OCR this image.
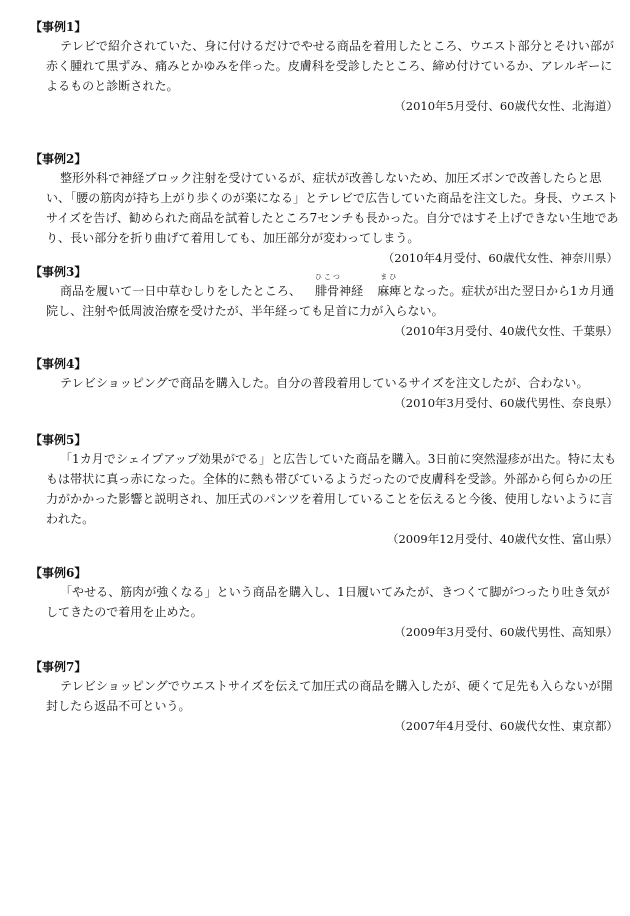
【事例1】

テレビで紹介されていた、身に付けるだけでやせる商品を着用したところ、ウエスト部分とそけい部が赤く腫れて黒ずみ、痛みとかゆみを伴った。皮膚科を受診したところ、締め付けているか、アレルギーによるものと診断された。

（2010年5月受付、60歳代女性、北海道）

【事例2】

整形外科で神経ブロック注射を受けているが、症状が改善しないため、加圧ズボンで改善したらと思い、「腰の筋肉が持ち上がり歩くのが楽になる」とテレビで広告していた商品を注文した。身長、ウエストサイズを告げ、勧められた商品を試着したところ7センチも長かった。自分ではすそ上げできない生地であり、長い部分を折り曲げて着用しても、加圧部分が変わってしまう。

（2010年4月受付、60歳代女性、神奈川県）

【事例3】

商品を履いて一日中草むしりをしたところ、
ひこつ
腓骨神経
まひ
麻痺となった。症状が出た翌日から1カ月通院し、注射や低周波治療を受けたが、半年経っても足首に力が入らない。

（2010年3月受付、40歳代女性、千葉県）

【事例4】

テレビショッピングで商品を購入した。自分の普段着用しているサイズを注文したが、合わない。

（2010年3月受付、60歳代男性、奈良県）

【事例5】

「1カ月でシェイプアップ効果がでる」と広告していた商品を購入。3日前に突然湿疹が出た。特に太ももは帯状に真っ赤になった。全体的に熱も帯びているようだったので皮膚科を受診。外部から何らかの圧力がかかった影響と説明され、加圧式のパンツを着用していることを伝えると今後、使用しないように言われた。

（2009年12月受付、40歳代女性、富山県）

【事例6】

「やせる、筋肉が強くなる」という商品を購入し、1日履いてみたが、きつくて脚がつったり吐き気がしてきたので着用を止めた。

（2009年3月受付、60歳代男性、高知県）

【事例7】

テレビショッピングでウエストサイズを伝えて加圧式の商品を購入したが、硬くて足先も入らないが開封したら返品不可という。

（2007年4月受付、60歳代女性、東京都）
